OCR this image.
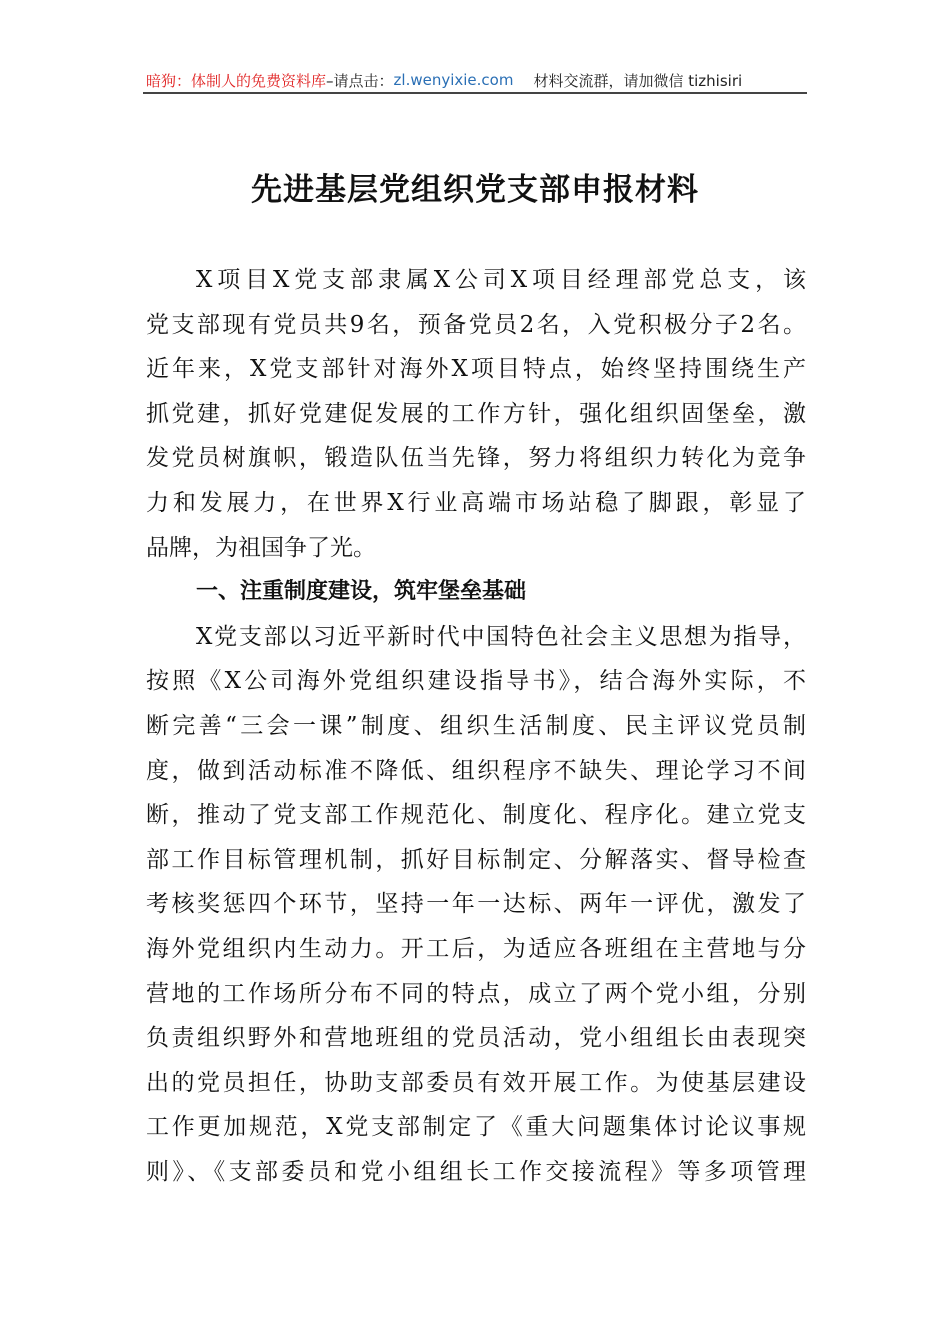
暗狗：体制人的免费资料库 –请点击： zl.wenyixie.com 材料交流群，请加微信 tizhisiri
先进基层党组织党支部申报材料
X项目X党支部隶属X公司X项目经理部党总支，该
党支部现有党员共9名，预备党员2名，入党积极分子2名。
近年来，X党支部针对海外X项目特点，始终坚持围绕生产
抓党建，抓好党建促发展的工作方针，强化组织固堡垒，激
发党员树旗帜，锻造队伍当先锋，努力将组织力转化为竞争
力和发展力，在世界X行业高端市场站稳了脚跟，彰显了
品牌，为祖国争了光。
一、注重制度建设，筑牢堡垒基础
X党支部以习近平新时代中国特色社会主义思想为指导，
按照《X公司海外党组织建设指导书》，结合海外实际，不
断完善“三会一课”制度、组织生活制度、民主评议党员制
度，做到活动标准不降低、组织程序不缺失、理论学习不间
断，推动了党支部工作规范化、制度化、程序化。建立党支
部工作目标管理机制，抓好目标制定、分解落实、督导检查
考核奖惩四个环节，坚持一年一达标、两年一评优，激发了
海外党组织内生动力。开工后，为适应各班组在主营地与分
营地的工作场所分布不同的特点，成立了两个党小组，分别
负责组织野外和营地班组的党员活动，党小组组长由表现突
出的党员担任，协助支部委员有效开展工作。为使基层建设
工作更加规范，X党支部制定了《重大问题集体讨论议事规
则》、《支部委员和党小组组长工作交接流程》等多项管理
